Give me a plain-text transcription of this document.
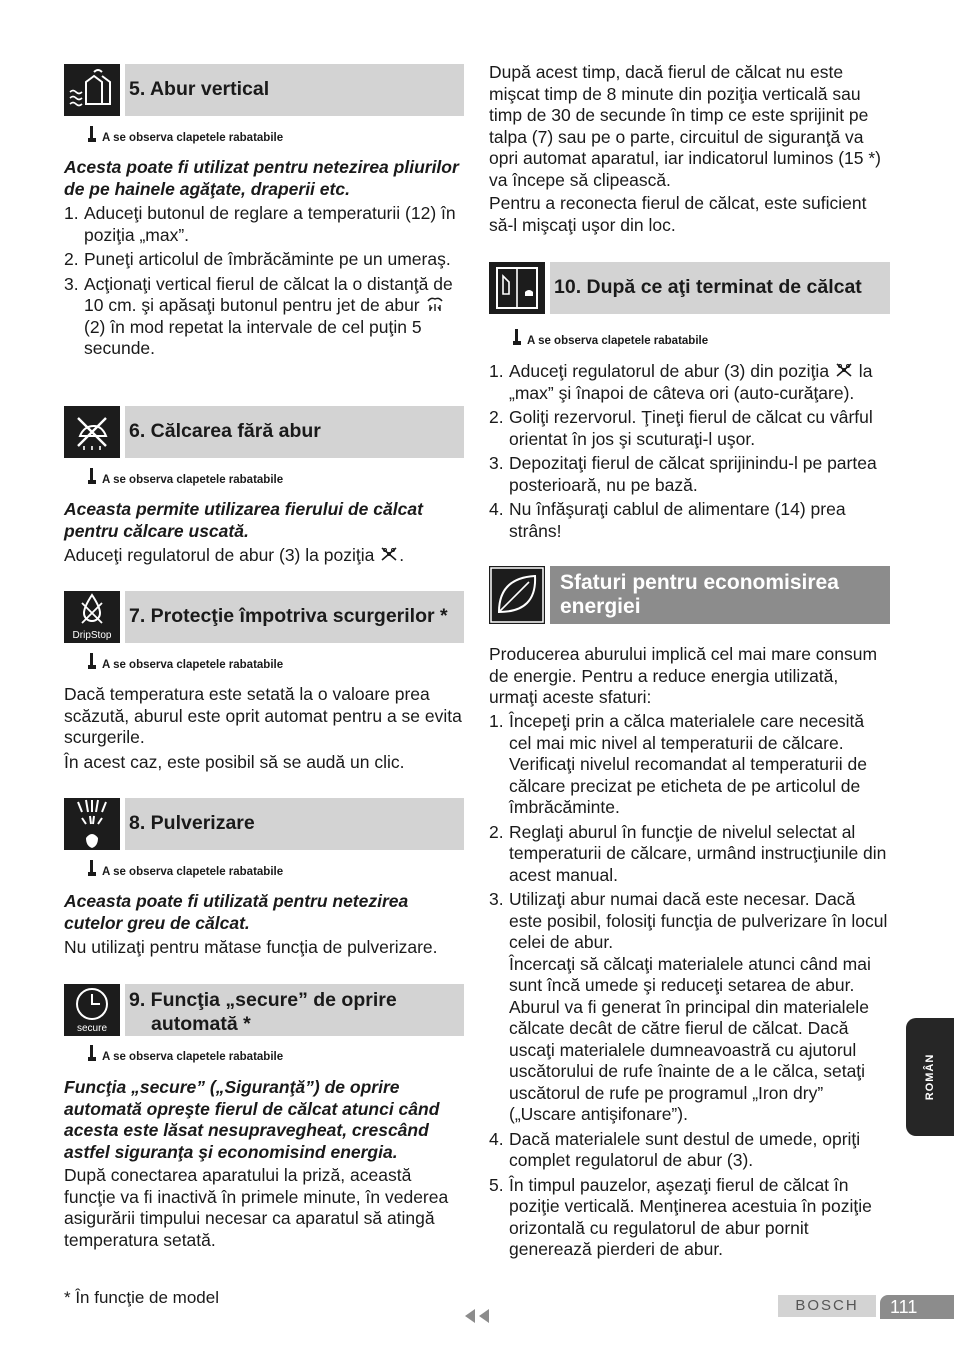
5. Abur vertical
A se observa clapetele rabatabile
Acesta poate fi utilizat pentru netezirea pliurilor de pe hainele agăţate, draperii etc.
1. Aduceţi butonul de reglare a temperaturii (12) în poziţia „max”.
2. Puneţi articolul de îmbrăcăminte pe un umeraş.
3. Acţionaţi vertical fierul de călcat la o distanţă de 10 cm. şi apăsaţi butonul pentru jet de abur
(2) în mod repetat la intervale de cel puţin 5 secunde.
6. Călcarea fără abur
A se observa clapetele rabatabile
Aceasta permite utilizarea fierului de călcat pentru călcare uscată.
Aduceţi regulatorul de abur (3) la poziţia .
DripStop
7. Protecţie împotriva scurgerilor *
A se observa clapetele rabatabile
Dacă temperatura este setată la o valoare prea scăzută, aburul este oprit automat pentru a se evita scurgerile.
În acest caz, este posibil să se audă un clic.
8. Pulverizare
A se observa clapetele rabatabile
Aceasta poate fi utilizată pentru netezirea cutelor greu de călcat.
Nu utilizaţi pentru mătase funcţia de pulverizare.
secure
9. Funcţia „secure” de oprire
automată *
A se observa clapetele rabatabile
Funcţia „secure” („Siguranţă”) de oprire automată opreşte fierul de călcat atunci când acesta este lăsat nesupravegheat, crescând astfel siguranţa şi economisind energia.
După conectarea aparatului la priză, această funcţie va fi inactivă în primele minute, în vederea asigurării timpului necesar ca aparatul să atingă temperatura setată.
După acest timp, dacă fierul de călcat nu este mişcat timp de 8 minute din poziţia verticală sau timp de 30 de secunde în timp ce este sprijinit pe talpa (7) sau pe o parte, circuitul de siguranţă va opri automat aparatul, iar indicatorul luminos (15 *) va începe să clipească.
Pentru a reconecta fierul de călcat, este suficient să-l mişcaţi uşor din loc.
10. După ce aţi terminat de călcat
A se observa clapetele rabatabile
1. Aduceţi regulatorul de abur (3) din poziţia
la „max” şi înapoi de câteva ori (auto-curăţare).
2. Goliţi rezervorul. Ţineţi fierul de călcat cu vârful orientat în jos şi scuturaţi-l uşor.
3. Depozitaţi fierul de călcat sprijinindu-l pe partea posterioară, nu pe bază.
4. Nu înfăşuraţi cablul de alimentare (14) prea strâns!
Sfaturi pentru economisirea
energiei
Producerea aburului implică cel mai mare consum de energie. Pentru a reduce energia utilizată, urmaţi aceste sfaturi:
1. Începeţi prin a călca materialele care necesită cel mai mic nivel al temperaturii de călcare. Verificaţi nivelul recomandat al temperaturii de călcare precizat pe eticheta de pe articolul de îmbrăcăminte.
2. Reglaţi aburul în funcţie de nivelul selectat al temperaturii de călcare, urmând instrucţiunile din acest manual.
3. Utilizaţi abur numai dacă este necesar. Dacă este posibil, folosiţi funcţia de pulverizare în locul celei de abur.
Încercaţi să călcaţi materialele atunci când mai sunt încă umede şi reduceţi setarea de abur. Aburul va fi generat în principal din materialele călcate decât de către fierul de călcat. Dacă uscaţi materialele dumneavoastră cu ajutorul uscătorului de rufe înainte de a le călca, setaţi uscătorul de rufe pe programul „Iron dry” („Uscare antişifonare”).
4. Dacă materialele sunt destul de umede, opriţi complet regulatorul de abur (3).
5. În timpul pauzelor, aşezaţi fierul de călcat în poziţie verticală. Menţinerea acestuia în poziţie orizontală cu regulatorul de abur pornit generează pierderi de abur.
* În funcţie de model	BOSCH	111
ROMÂN
